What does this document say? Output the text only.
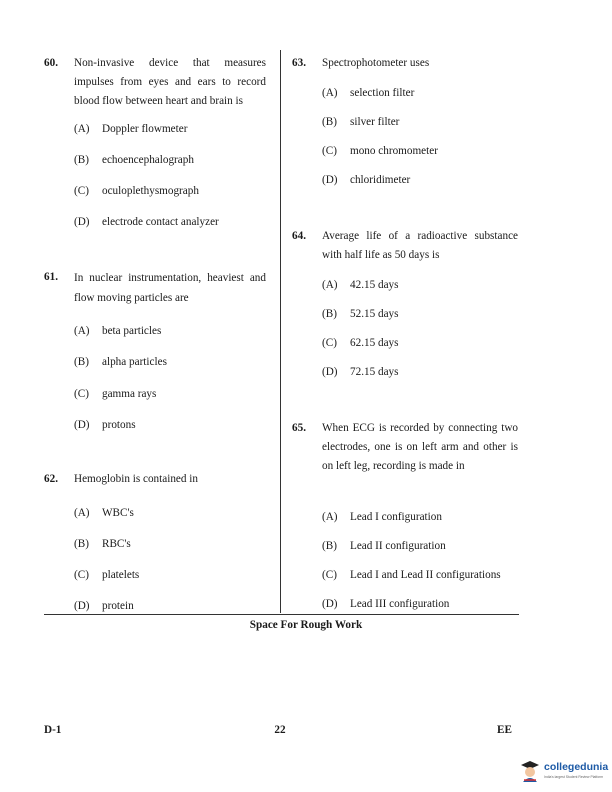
60. Non-invasive device that measures impulses from eyes and ears to record blood flow between heart and brain is
(A) Doppler flowmeter
(B) echoencephalograph
(C) oculoplethysmograph
(D) electrode contact analyzer
61. In nuclear instrumentation, heaviest and flow moving particles are
(A) beta particles
(B) alpha particles
(C) gamma rays
(D) protons
62. Hemoglobin is contained in
(A) WBC's
(B) RBC's
(C) platelets
(D) protein
63. Spectrophotometer uses
(A) selection filter
(B) silver filter
(C) mono chromometer
(D) chloridimeter
64. Average life of a radioactive substance with half life as 50 days is
(A) 42.15 days
(B) 52.15 days
(C) 62.15 days
(D) 72.15 days
65. When ECG is recorded by connecting two electrodes, one is on left arm and other is on left leg, recording is made in
(A) Lead I configuration
(B) Lead II configuration
(C) Lead I and Lead II configurations
(D) Lead III configuration
Space For Rough Work
D-1	22	EE
collegedunia
India's largest Student Review Platform
